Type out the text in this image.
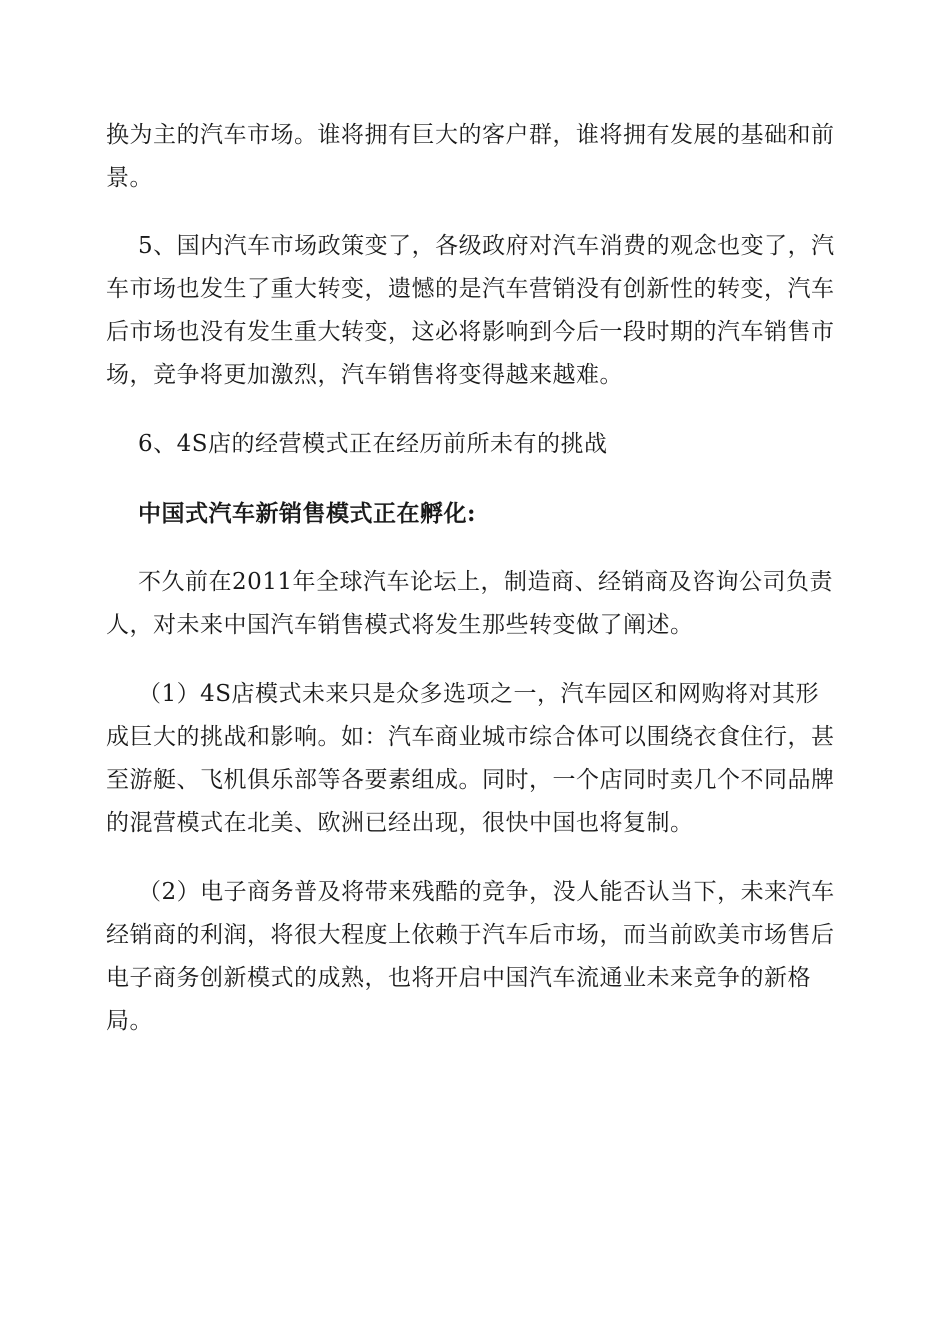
换为主的汽车市场。谁将拥有巨大的客户群，谁将拥有发展的基础和前景。

5、国内汽车市场政策变了，各级政府对汽车消费的观念也变了，汽车市场也发生了重大转变，遗憾的是汽车营销没有创新性的转变，汽车后市场也没有发生重大转变，这必将影响到今后一段时期的汽车销售市场，竞争将更加激烈，汽车销售将变得越来越难。

6、4S店的经营模式正在经历前所未有的挑战

中国式汽车新销售模式正在孵化:

不久前在2011年全球汽车论坛上，制造商、经销商及咨询公司负责人，对未来中国汽车销售模式将发生那些转变做了阐述。

（1）4S店模式未来只是众多选项之一，汽车园区和网购将对其形成巨大的挑战和影响。如：汽车商业城市综合体可以围绕衣食住行，甚至游艇、飞机俱乐部等各要素组成。同时，一个店同时卖几个不同品牌的混营模式在北美、欧洲已经出现，很快中国也将复制。

（2）电子商务普及将带来残酷的竞争，没人能否认当下，未来汽车经销商的利润，将很大程度上依赖于汽车后市场，而当前欧美市场售后电子商务创新模式的成熟，也将开启中国汽车流通业未来竞争的新格局。
